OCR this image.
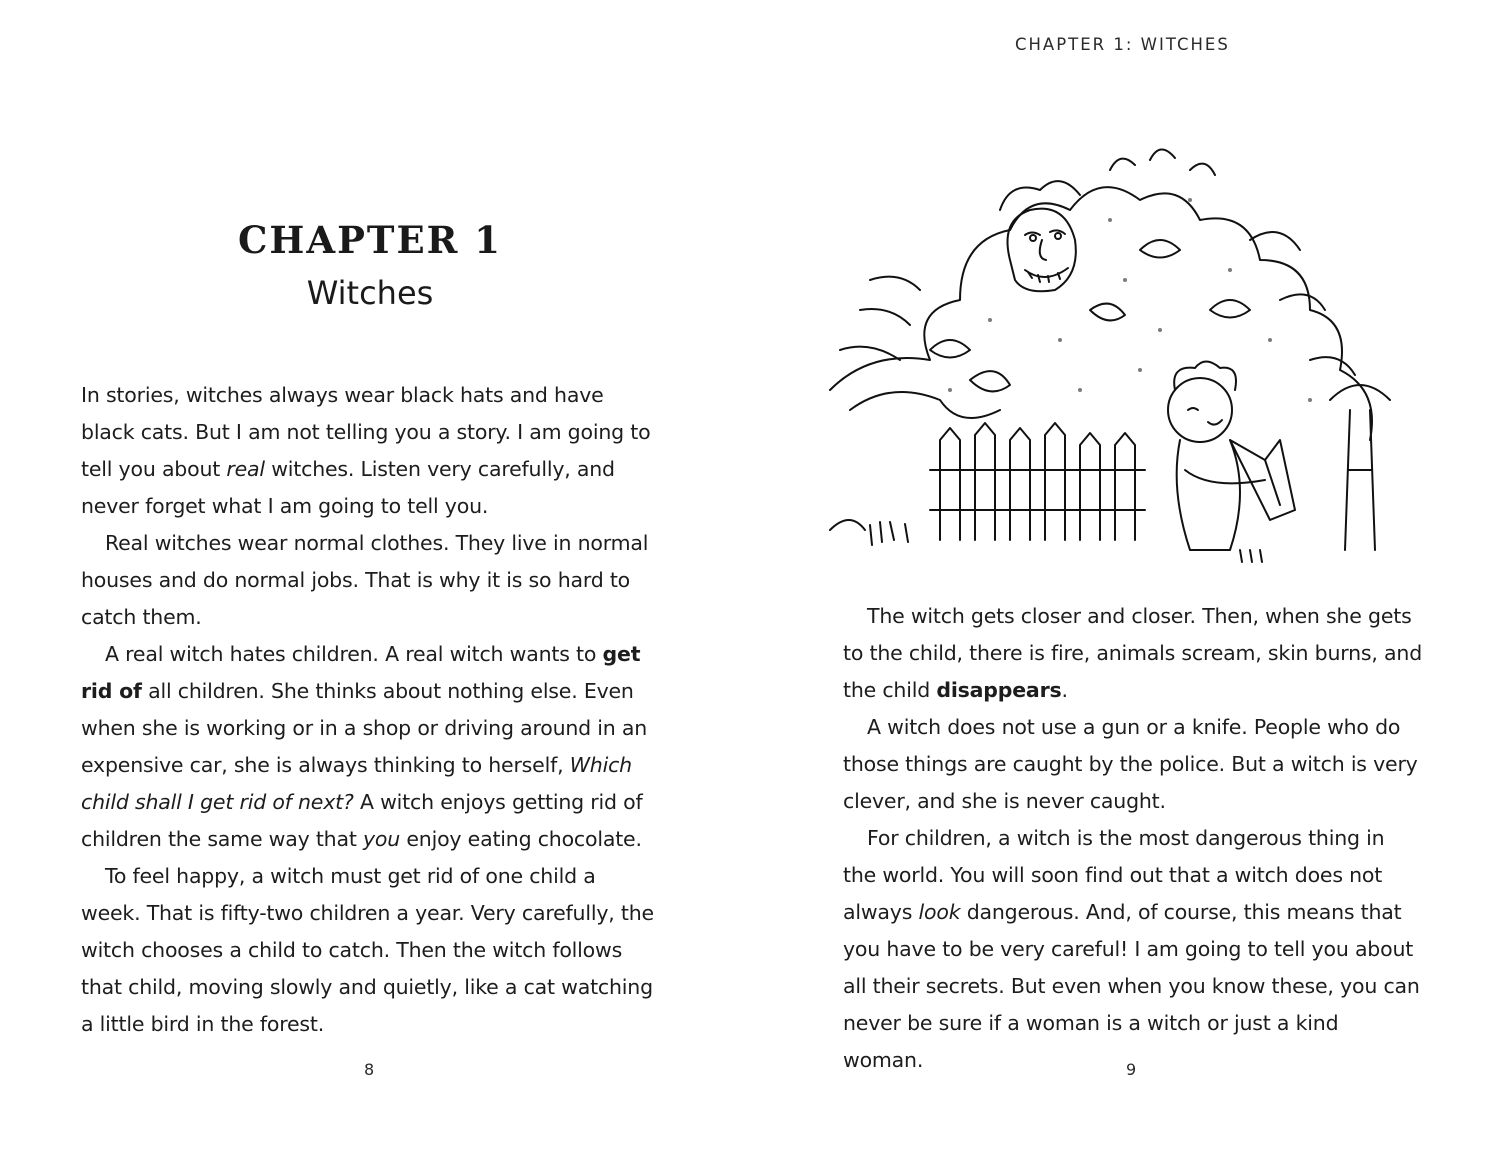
CHAPTER 1
Witches

In stories, witches always wear black hats and have black cats. But I am not telling you a story. I am going to tell you about real witches. Listen very carefully, and never forget what I am going to tell you.

Real witches wear normal clothes. They live in normal houses and do normal jobs. That is why it is so hard to catch them.

A real witch hates children. A real witch wants to get rid of all children. She thinks about nothing else. Even when she is working or in a shop or driving around in an expensive car, she is always thinking to herself, Which child shall I get rid of next? A witch enjoys getting rid of children the same way that you enjoy eating chocolate.

To feel happy, a witch must get rid of one child a week. That is fifty-two children a year. Very carefully, the witch chooses a child to catch. Then the witch follows that child, moving slowly and quietly, like a cat watching a little bird in the forest.

8
CHAPTER 1: WITCHES

The witch gets closer and closer. Then, when she gets to the child, there is fire, animals scream, skin burns, and the child disappears.

A witch does not use a gun or a knife. People who do those things are caught by the police. But a witch is very clever, and she is never caught.

For children, a witch is the most dangerous thing in the world. You will soon find out that a witch does not always look dangerous. And, of course, this means that you have to be very careful! I am going to tell you about all their secrets. But even when you know these, you can never be sure if a woman is a witch or just a kind woman.	9
